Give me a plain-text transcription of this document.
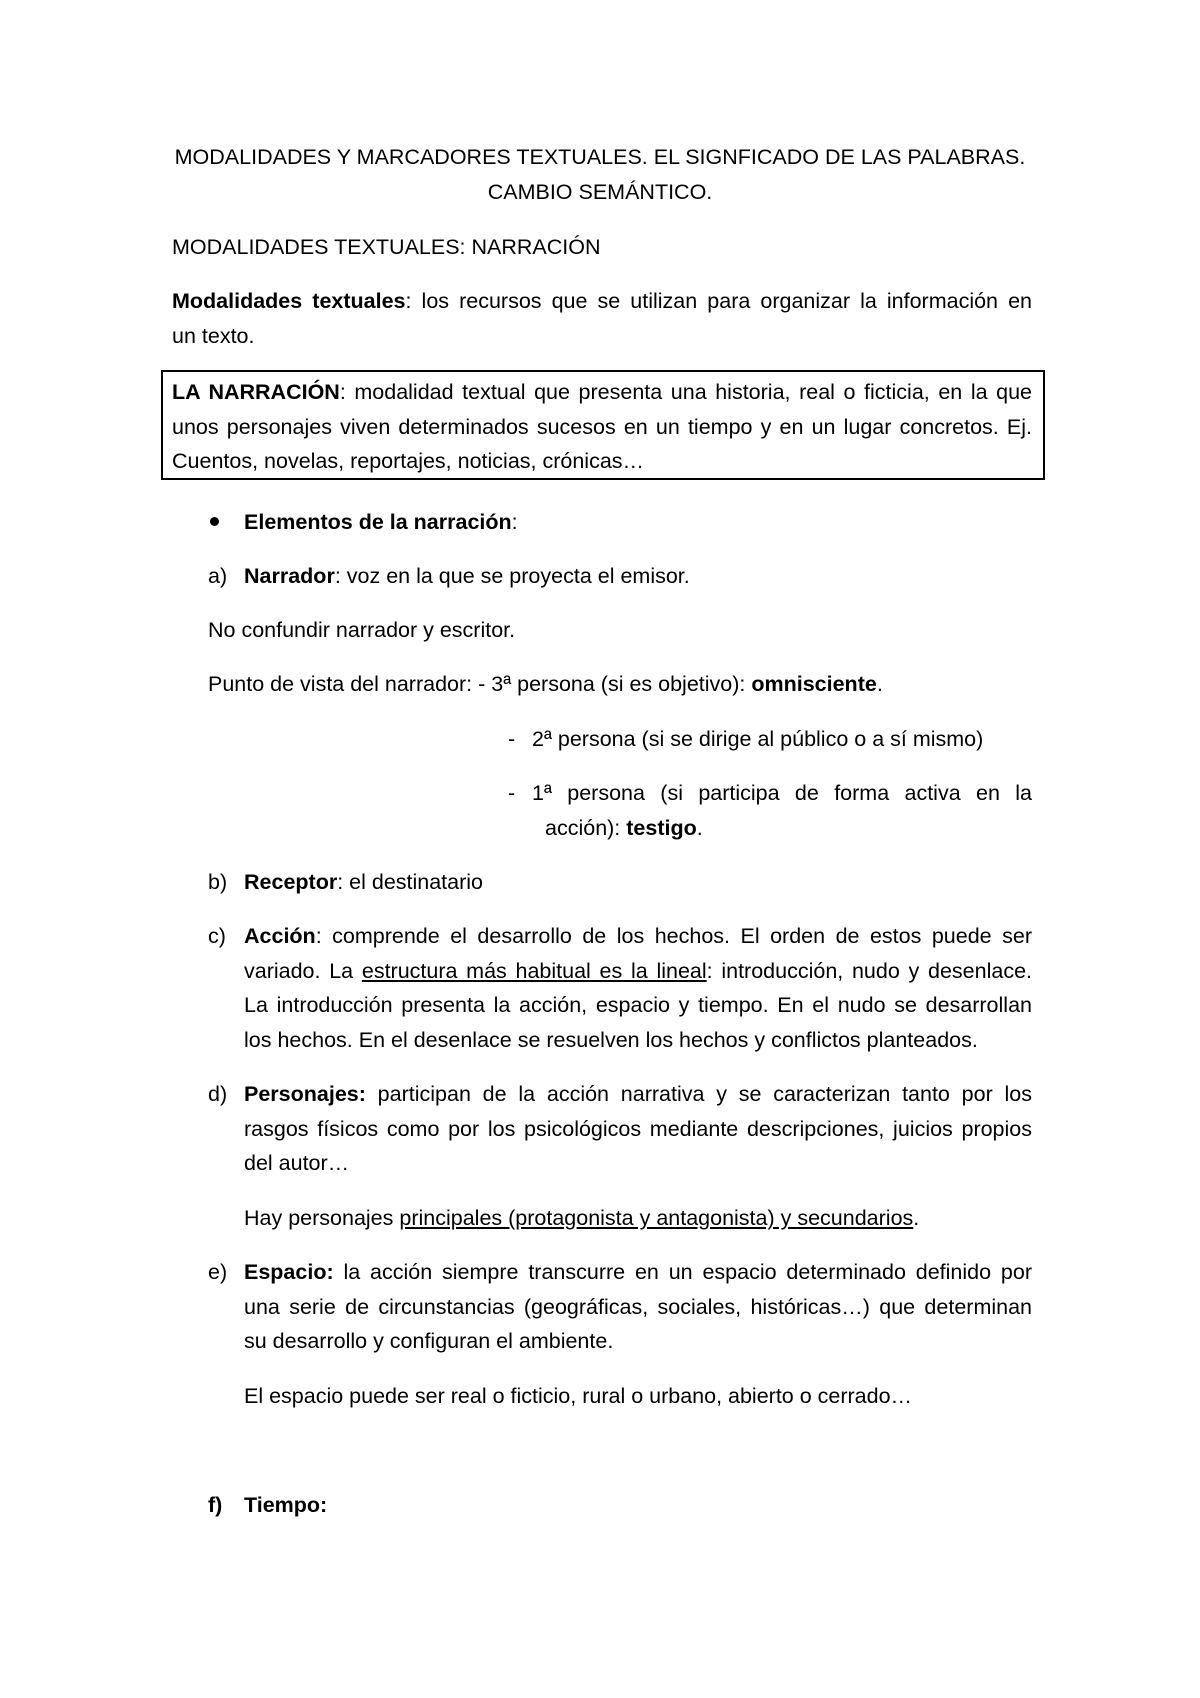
MODALIDADES Y MARCADORES TEXTUALES. EL SIGNFICADO DE LAS PALABRAS.
CAMBIO SEMÁNTICO.
MODALIDADES TEXTUALES: NARRACIÓN
Modalidades textuales: los recursos que se utilizan para organizar la información en
un texto.
LA NARRACIÓN: modalidad textual que presenta una historia, real o ficticia, en la que
unos personajes viven determinados sucesos en un tiempo y en un lugar concretos. Ej.
Cuentos, novelas, reportajes, noticias, crónicas…
Elementos de la narración:
a) Narrador: voz en la que se proyecta el emisor.
No confundir narrador y escritor.
Punto de vista del narrador: - 3ª persona (si es objetivo): omnisciente.
- 2ª persona (si se dirige al público o a sí mismo)
- 1ª persona (si participa de forma activa en la
acción): testigo.
b) Receptor: el destinatario
c) Acción: comprende el desarrollo de los hechos. El orden de estos puede ser
variado. La estructura más habitual es la lineal: introducción, nudo y desenlace.
La introducción presenta la acción, espacio y tiempo. En el nudo se desarrollan
los hechos. En el desenlace se resuelven los hechos y conflictos planteados.
d) Personajes: participan de la acción narrativa y se caracterizan tanto por los
rasgos físicos como por los psicológicos mediante descripciones, juicios propios
del autor…
Hay personajes principales (protagonista y antagonista) y secundarios.
e) Espacio: la acción siempre transcurre en un espacio determinado definido por
una serie de circunstancias (geográficas, sociales, históricas…) que determinan
su desarrollo y configuran el ambiente.
El espacio puede ser real o ficticio, rural o urbano, abierto o cerrado…
f) Tiempo:
